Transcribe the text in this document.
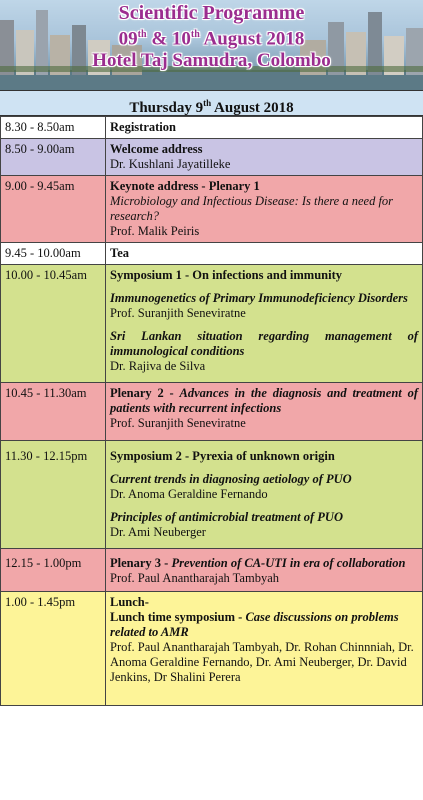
Scientific Programme
09th & 10th August 2018
Hotel Taj Samudra, Colombo
Thursday 9th August 2018
8.30 - 8.50am	Registration
8.50 - 9.00am	Welcome address
Dr. Kushlani Jayatilleke

9.00 - 9.45am	Keynote address - Plenary 1
Microbiology and Infectious Disease: Is there a need for research?
Prof. Malik Peiris

9.45 - 10.00am	Tea
10.00 - 10.45am	Symposium 1 - On infections and immunity
Immunogenetics of Primary Immunodeficiency Disorders
Prof. Suranjith Seneviratne
Sri Lankan situation regarding management of immunological conditions
Dr. Rajiva de Silva

10.45 - 11.30am	Plenary 2 - Advances in the diagnosis and treatment of patients with recurrent infections
Prof. Suranjith Seneviratne

11.30 - 12.15pm	Symposium 2 - Pyrexia of unknown origin
Current trends in diagnosing aetiology of PUO
Dr. Anoma Geraldine Fernando
Principles of antimicrobial treatment of PUO
Dr. Ami Neuberger

12.15 - 1.00pm	Plenary 3 - Prevention of CA-UTI in era of collaboration
Prof. Paul Anantharajah Tambyah

1.00 - 1.45pm	Lunch-
Lunch time symposium - Case discussions on problems related to AMR
Prof. Paul Anantharajah Tambyah, Dr. Rohan Chinnniah, Dr. Anoma Geraldine Fernando, Dr. Ami Neuberger, Dr. David Jenkins, Dr Shalini Perera
